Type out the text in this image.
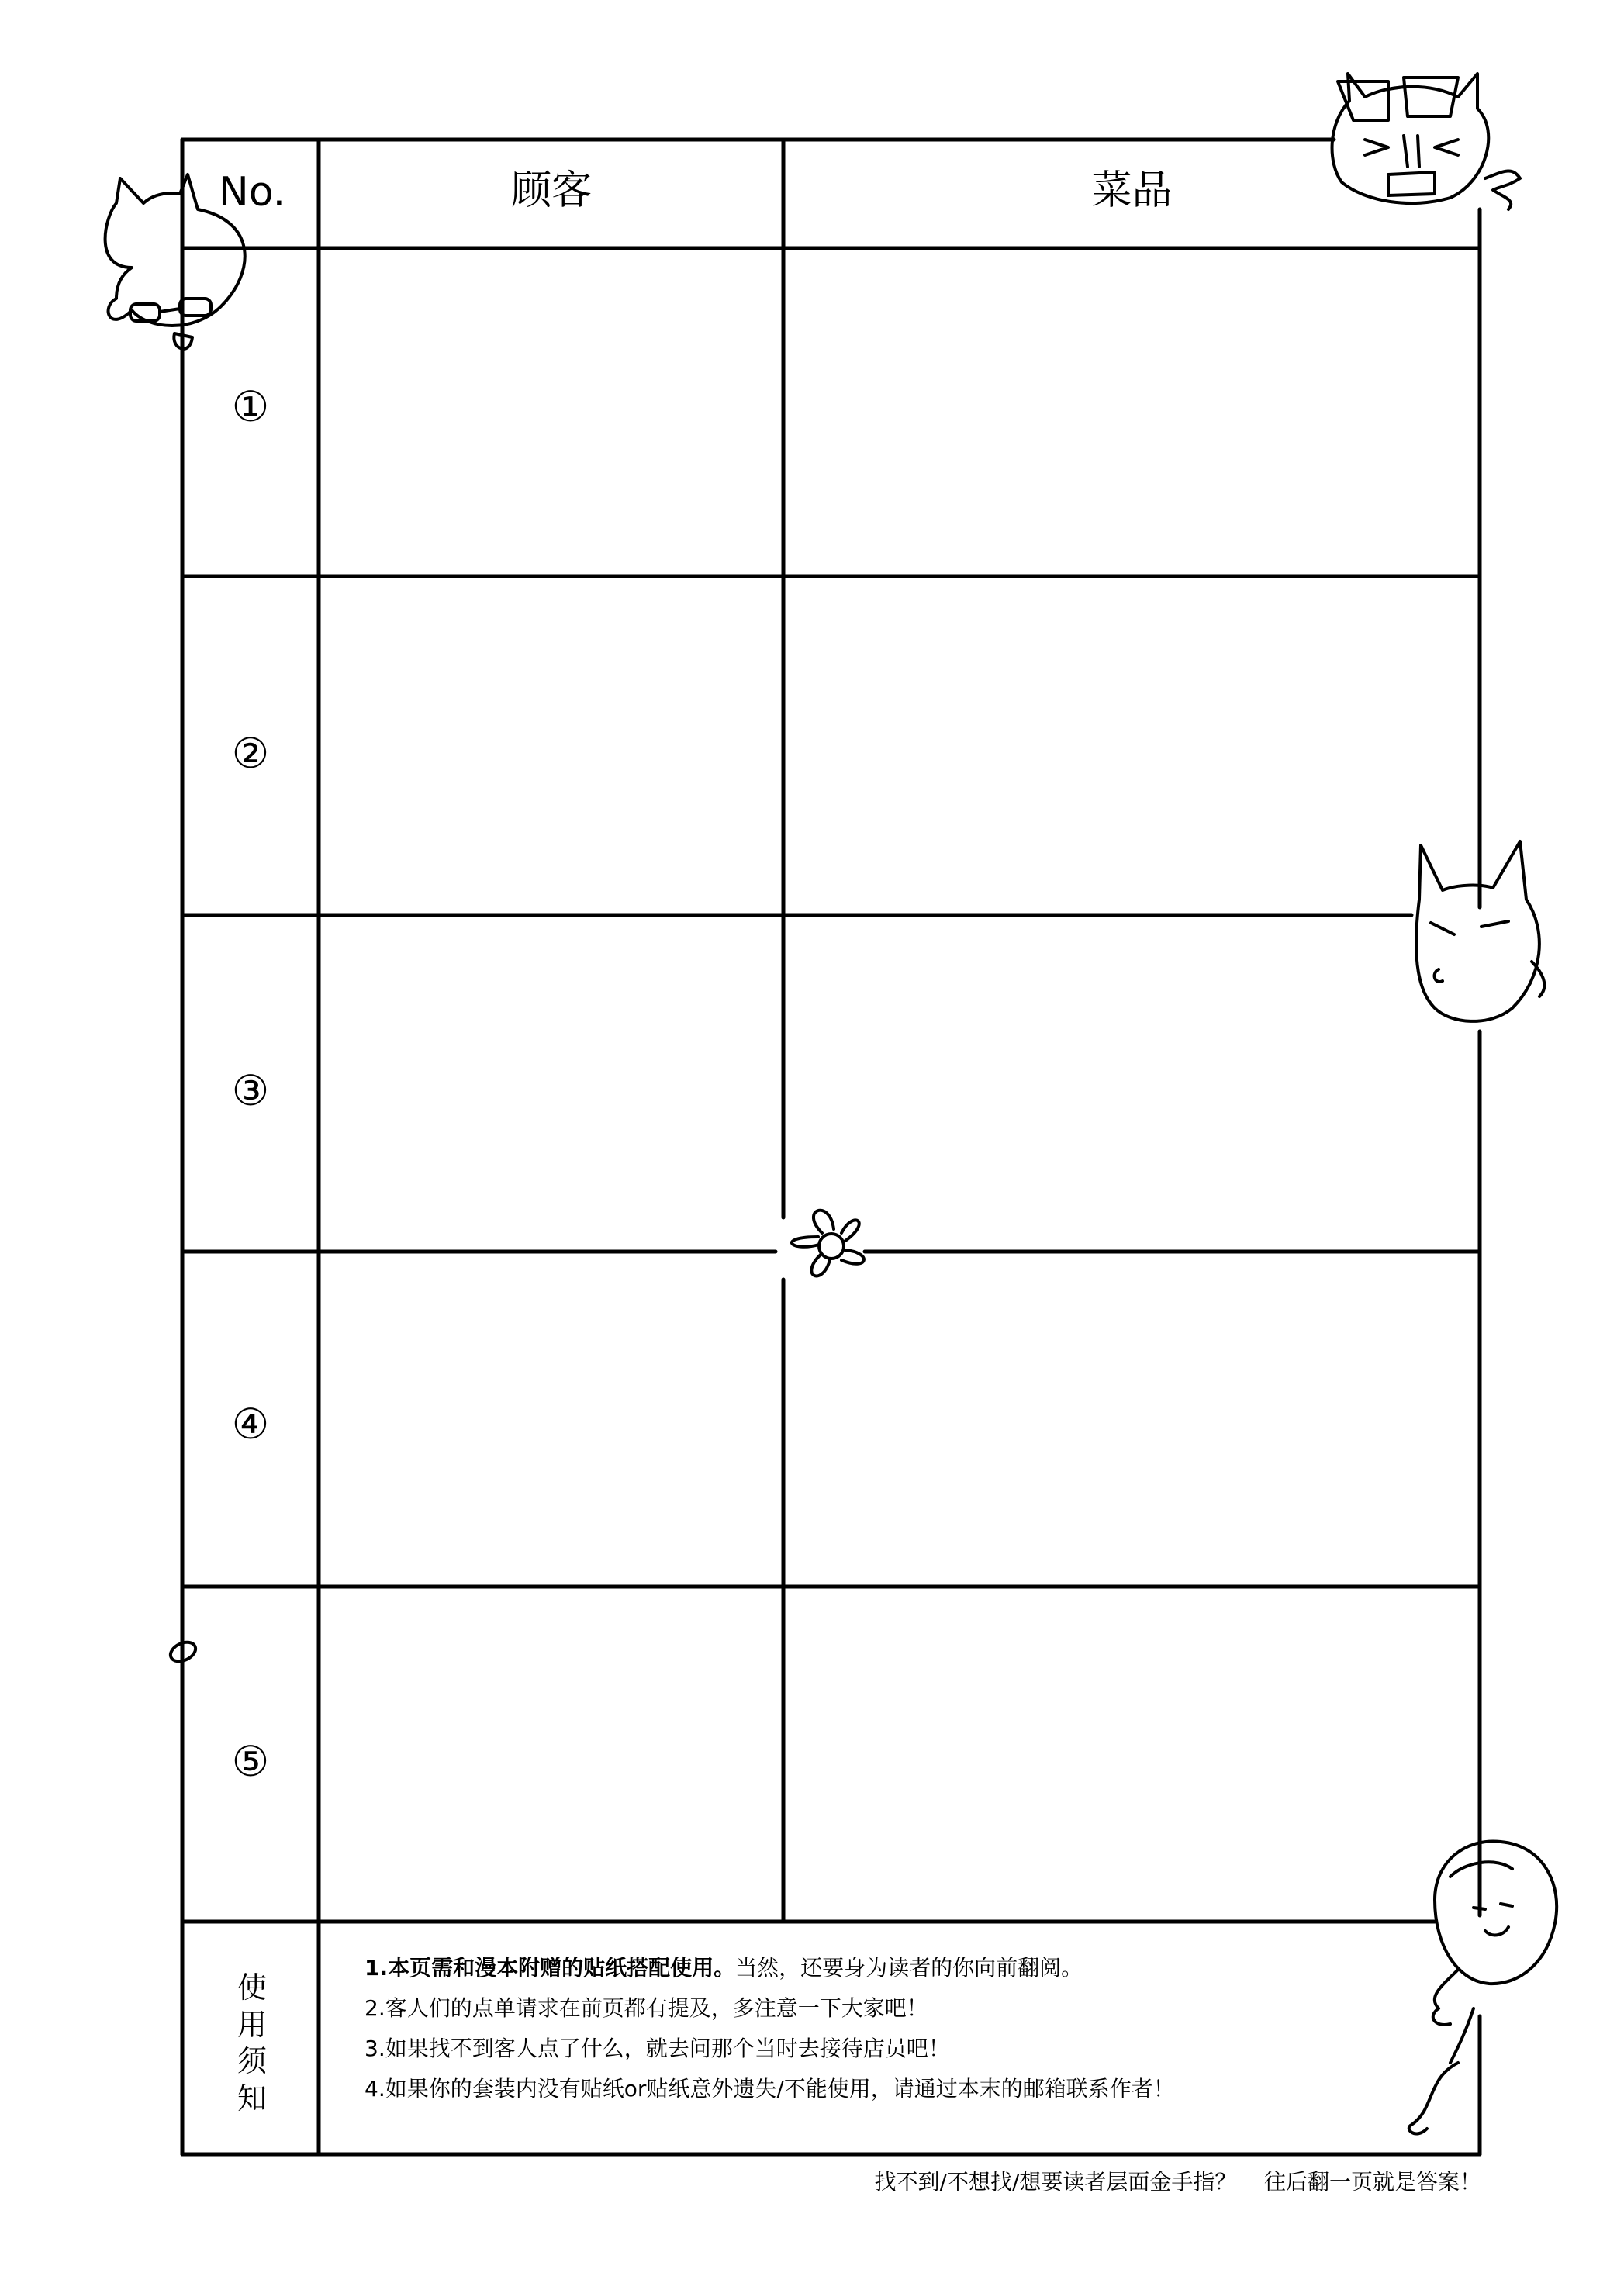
No.	顾客	菜品
①
②
③
④
⑤
使
用
须
知
1.本页需和漫本附赠的贴纸搭配使用。当然，还要身为读者的你向前翻阅。
2.客人们的点单请求在前页都有提及，多注意一下大家吧！
3.如果找不到客人点了什么，就去问那个当时去接待店员吧！
4.如果你的套装内没有贴纸or贴纸意外遗失/不能使用，请通过本末的邮箱联系作者！
找不到/不想找/想要读者层面金手指？    往后翻一页就是答案！
